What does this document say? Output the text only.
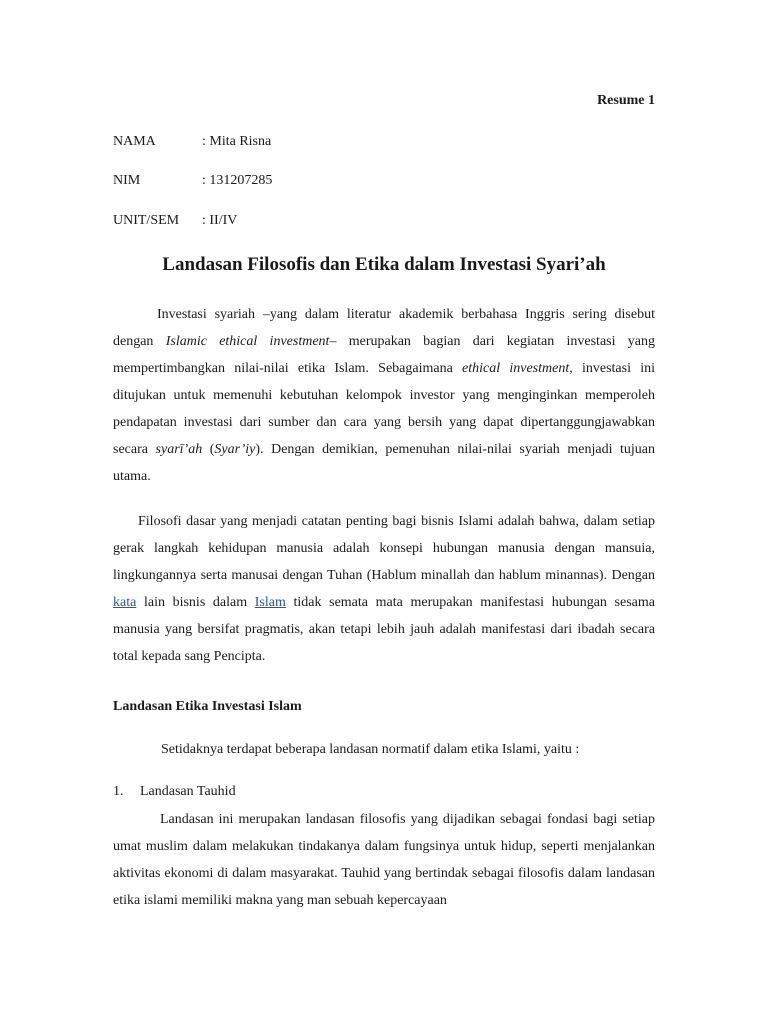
Resume 1
NAMA	: Mita Risna
NIM	: 131207285
UNIT/SEM : II/IV
Landasan Filosofis dan Etika dalam Investasi Syari’ah

Investasi syariah –yang dalam literatur akademik berbahasa Inggris sering disebut dengan Islamic ethical investment– merupakan bagian dari kegiatan investasi yang mempertimbangkan nilai-nilai etika Islam. Sebagaimana ethical investment, investasi ini ditujukan untuk memenuhi kebutuhan kelompok investor yang menginginkan memperoleh pendapatan investasi dari sumber dan cara yang bersih yang dapat dipertanggungjawabkan secara syarī’ah (Syar’iy). Dengan demikian, pemenuhan nilai-nilai syariah menjadi tujuan utama.

Filosofi dasar yang menjadi catatan penting bagi bisnis Islami adalah bahwa, dalam setiap gerak langkah kehidupan manusia adalah konsepi hubungan manusia dengan mansuia, lingkungannya serta manusai dengan Tuhan (Hablum minallah dan hablum minannas). Dengan kata lain bisnis dalam Islam tidak semata mata merupakan manifestasi hubungan sesama manusia yang bersifat pragmatis, akan tetapi lebih jauh adalah manifestasi dari ibadah secara total kepada sang Pencipta.

Landasan Etika Investasi Islam
Setidaknya terdapat beberapa landasan normatif dalam etika Islami, yaitu :
1. Landasan Tauhid

Landasan ini merupakan landasan filosofis yang dijadikan sebagai fondasi bagi setiap umat muslim dalam melakukan tindakanya dalam fungsinya untuk hidup, seperti menjalankan aktivitas ekonomi di dalam masyarakat. Tauhid yang bertindak sebagai filosofis dalam landasan etika islami memiliki makna yang man sebuah kepercayaan
